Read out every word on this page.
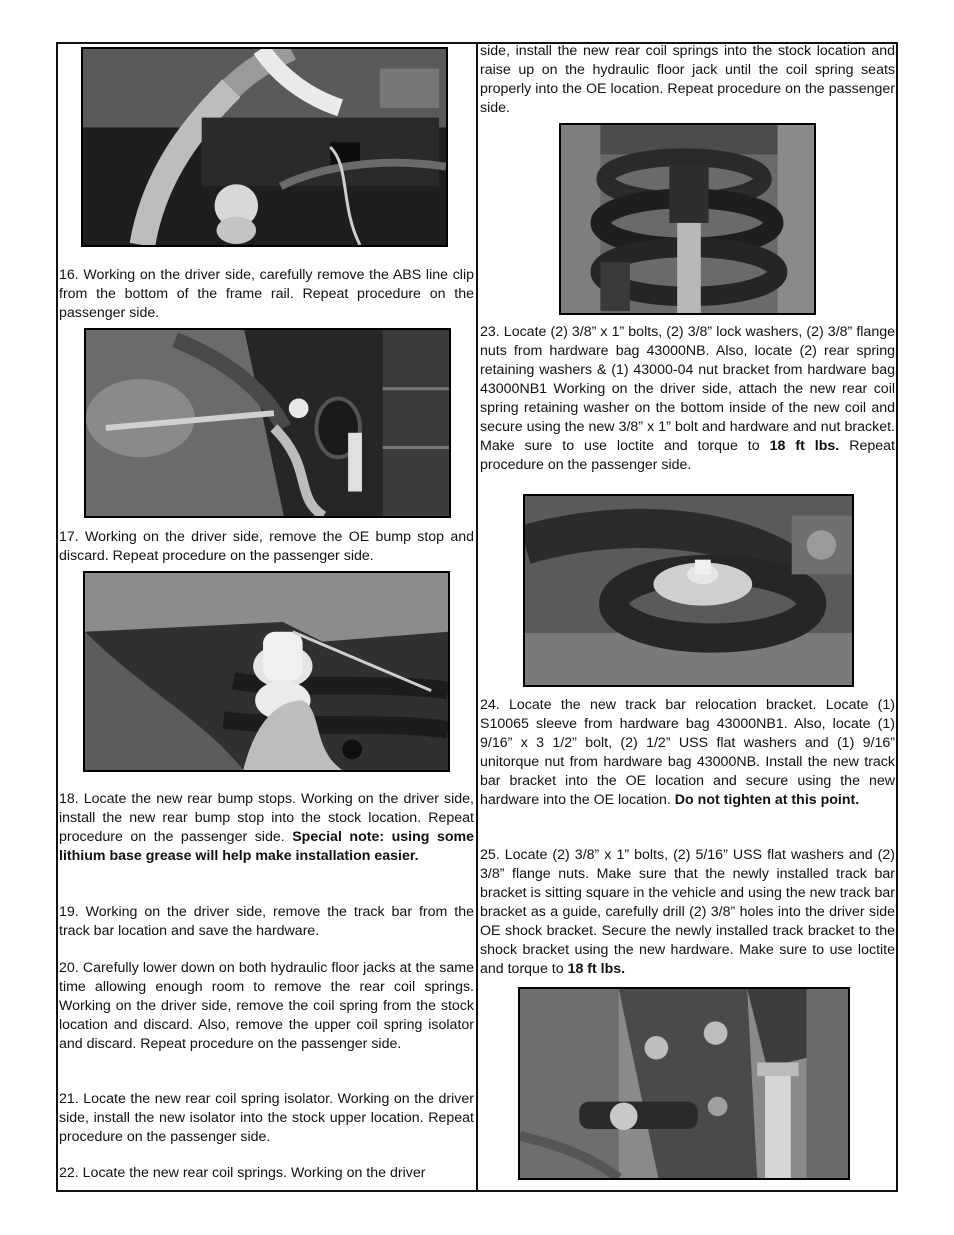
16. Working on the driver side, carefully remove the ABS line clip from the bottom of the frame rail. Repeat procedure on the passenger side.

17. Working on the driver side, remove the OE bump stop and discard. Repeat procedure on the passenger side.

18. Locate the new rear bump stops. Working on the driver side, install the new rear bump stop into the stock location. Repeat procedure on the passenger side. Special note: using some lithium base grease will help make installation easier.

19. Working on the driver side, remove the track bar from the track bar location and save the hardware.

20. Carefully lower down on both hydraulic floor jacks at the same time allowing enough room to remove the rear coil springs. Working on the driver side, remove the coil spring from the stock location and discard. Also, remove the upper coil spring isolator and discard. Repeat procedure on the passenger side.

21. Locate the new rear coil spring isolator. Working on the driver side, install the new isolator into the stock upper location. Repeat procedure on the passenger side.

22. Locate the new rear coil springs. Working on the driver

side, install the new rear coil springs into the stock location and raise up on the hydraulic floor jack until the coil spring seats properly into the OE location. Repeat procedure on the passenger side.

23. Locate (2) 3/8” x 1” bolts, (2) 3/8” lock washers, (2) 3/8” flange nuts from hardware bag 43000NB. Also, locate (2) rear spring retaining washers & (1) 43000-04 nut bracket from hardware bag 43000NB1 Working on the driver side, attach the new rear coil spring retaining washer on the bottom inside of the new coil and secure using the new 3/8” x 1” bolt and hardware and nut bracket. Make sure to use loctite and torque to 18 ft lbs. Repeat procedure on the passenger side.

24. Locate the new track bar relocation bracket. Locate (1) S10065 sleeve from hardware bag 43000NB1. Also, locate (1) 9/16” x 3 1/2” bolt, (2) 1/2” USS flat washers and (1) 9/16” unitorque nut from hardware bag 43000NB. Install the new track bar bracket into the OE location and secure using the new hardware into the OE location. Do not tighten at this point.

25. Locate (2) 3/8” x 1” bolts, (2) 5/16” USS flat washers and (2) 3/8” flange nuts. Make sure that the newly installed track bar bracket is sitting square in the vehicle and using the new track bar bracket as a guide, carefully drill (2) 3/8” holes into the driver side OE shock bracket. Secure the newly installed track bracket to the shock bracket using the new hardware. Make sure to use loctite and torque to 18 ft lbs.
